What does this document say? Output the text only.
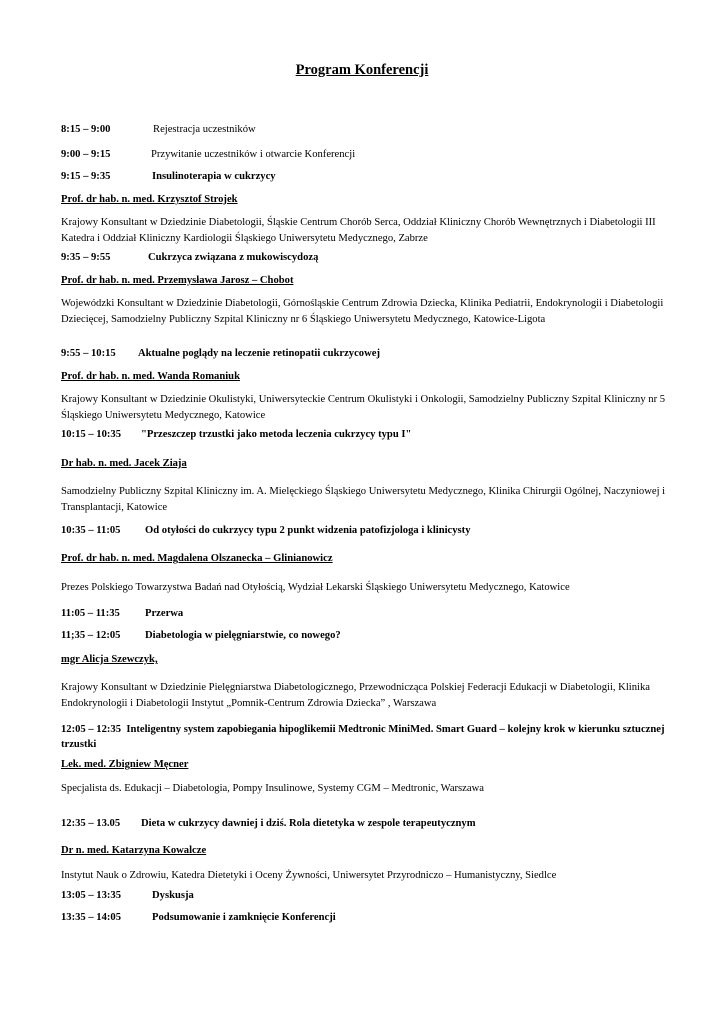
Program Konferencji
8:15 – 9:00	Rejestracja uczestników
9:00 – 9:15	Przywitanie uczestników i otwarcie Konferencji
9:15 – 9:35	Insulinoterapia w cukrzycy
Prof. dr hab. n. med. Krzysztof Strojek
Krajowy Konsultant w Dziedzinie Diabetologii, Śląskie Centrum Chorób Serca, Oddział Kliniczny Chorób Wewnętrznych i Diabetologii III Katedra i Oddział Kliniczny Kardiologii Śląskiego Uniwersytetu Medycznego, Zabrze
9:35 – 9:55	Cukrzyca związana z mukowiscydozą
Prof. dr hab. n. med. Przemysława Jarosz – Chobot
Wojewódzki Konsultant w Dziedzinie Diabetologii, Górnośląskie Centrum Zdrowia Dziecka, Klinika Pediatrii, Endokrynologii i Diabetologii Dziecięcej, Samodzielny Publiczny Szpital Kliniczny nr 6 Śląskiego Uniwersytetu Medycznego, Katowice-Ligota
9:55 – 10:15 Aktualne poglądy na leczenie retinopatii cukrzycowej
Prof. dr hab. n. med. Wanda Romaniuk
Krajowy Konsultant w Dziedzinie Okulistyki, Uniwersyteckie Centrum Okulistyki i Onkologii, Samodzielny Publiczny Szpital Kliniczny nr 5 Śląskiego Uniwersytetu Medycznego, Katowice
10:15 – 10:35 "Przeszczep trzustki jako metoda leczenia cukrzycy typu I"
Dr hab. n. med. Jacek Ziaja
Samodzielny Publiczny Szpital Kliniczny im. A. Mielęckiego Śląskiego Uniwersytetu Medycznego, Klinika Chirurgii Ogólnej, Naczyniowej i Transplantacji, Katowice
10:35 – 11:05 Od otyłości do cukrzycy typu 2 punkt widzenia patofizjologa i klinicysty
Prof. dr hab. n. med. Magdalena Olszanecka – Glinianowicz
Prezes Polskiego Towarzystwa Badań nad Otyłością, Wydział Lekarski Śląskiego Uniwersytetu Medycznego, Katowice
11:05 – 11:35 Przerwa
11;35 – 12:05 Diabetologia w pielęgniarstwie, co nowego?
mgr Alicja Szewczyk,
Krajowy Konsultant w Dziedzinie Pielęgniarstwa Diabetologicznego, Przewodnicząca Polskiej Federacji Edukacji w Diabetologii, Klinika Endokrynologii i Diabetologii Instytut „Pomnik-Centrum Zdrowia Dziecka” , Warszawa
12:05 – 12:35 Inteligentny system zapobiegania hipoglikemii Medtronic MiniMed. Smart Guard – kolejny krok w kierunku sztucznej trzustki
Lek. med. Zbigniew Męcner
Specjalista ds. Edukacji – Diabetologia, Pompy Insulinowe, Systemy CGM – Medtronic, Warszawa
12:35 – 13.05 Dieta w cukrzycy dawniej i dziś. Rola dietetyka w zespole terapeutycznym
Dr n. med. Katarzyna Kowalcze
Instytut Nauk o Zdrowiu, Katedra Dietetyki i Oceny Żywności, Uniwersytet Przyrodniczo – Humanistyczny, Siedlce
13:05 – 13:35	Dyskusja
13:35 – 14:05	Podsumowanie i zamknięcie Konferencji
